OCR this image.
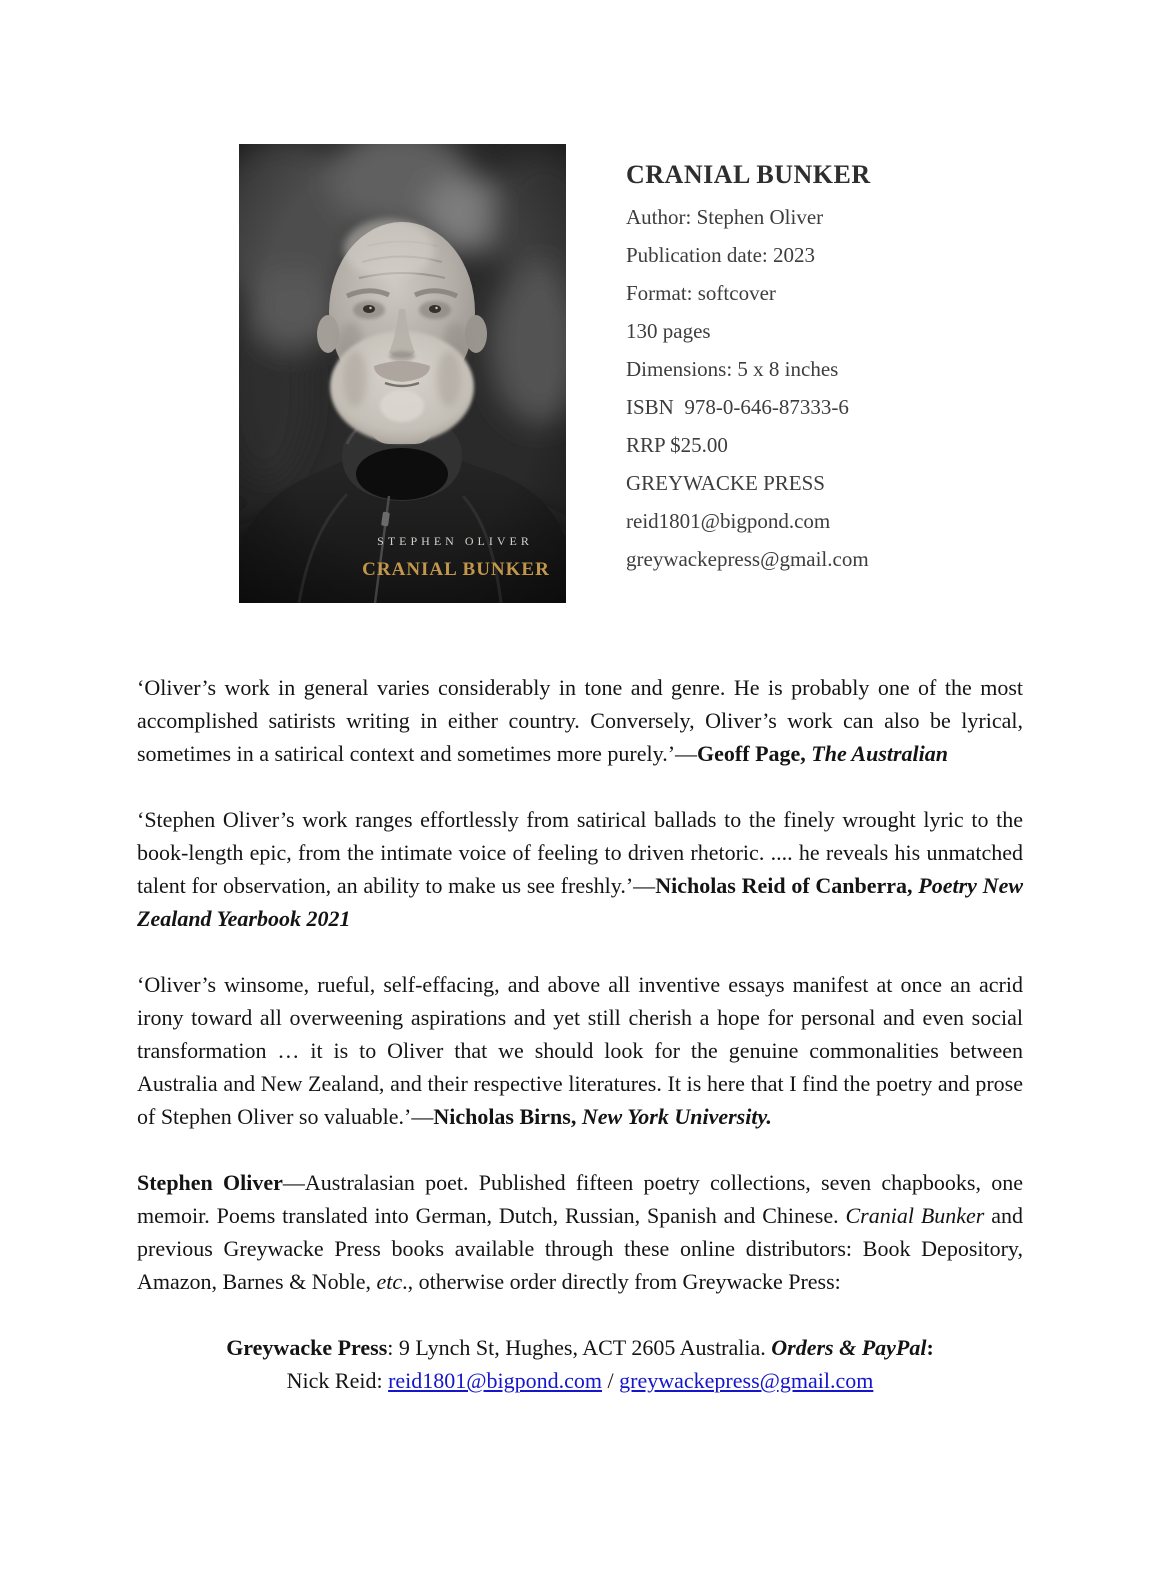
STEPHEN OLIVER
CRANIAL BUNKER
CRANIAL BUNKER
Author: Stephen Oliver
Publication date: 2023
Format: softcover
130 pages
Dimensions: 5 x 8 inches
ISBN  978-0-646-87333-6
RRP $25.00
GREYWACKE PRESS
reid1801@bigpond.com
greywackepress@gmail.com

‘Oliver’s work in general varies considerably in tone and genre. He is probably one of the most accomplished satirists writing in either country. Conversely, Oliver’s work can also be lyrical, sometimes in a satirical context and sometimes more purely.’—Geoff Page, The Australian

‘Stephen Oliver’s work ranges effortlessly from satirical ballads to the finely wrought lyric to the book-length epic, from the intimate voice of feeling to driven rhetoric. .... he reveals his unmatched talent for observation, an ability to make us see freshly.’—Nicholas Reid of Canberra, Poetry New Zealand Yearbook 2021

‘Oliver’s winsome, rueful, self-effacing, and above all inventive essays manifest at once an acrid irony toward all overweening aspirations and yet still cherish a hope for personal and even social transformation … it is to Oliver that we should look for the genuine commonalities between Australia and New Zealand, and their respective literatures. It is here that I find the poetry and prose of Stephen Oliver so valuable.’—Nicholas Birns, New York University.

Stephen Oliver—Australasian poet. Published fifteen poetry collections, seven chapbooks, one memoir. Poems translated into German, Dutch, Russian, Spanish and Chinese. Cranial Bunker and previous Greywacke Press books available through these online distributors: Book Depository, Amazon, Barnes & Noble, etc., otherwise order directly from Greywacke Press:

Greywacke Press: 9 Lynch St, Hughes, ACT 2605 Australia. Orders & PayPal:
Nick Reid: reid1801@bigpond.com / greywackepress@gmail.com
